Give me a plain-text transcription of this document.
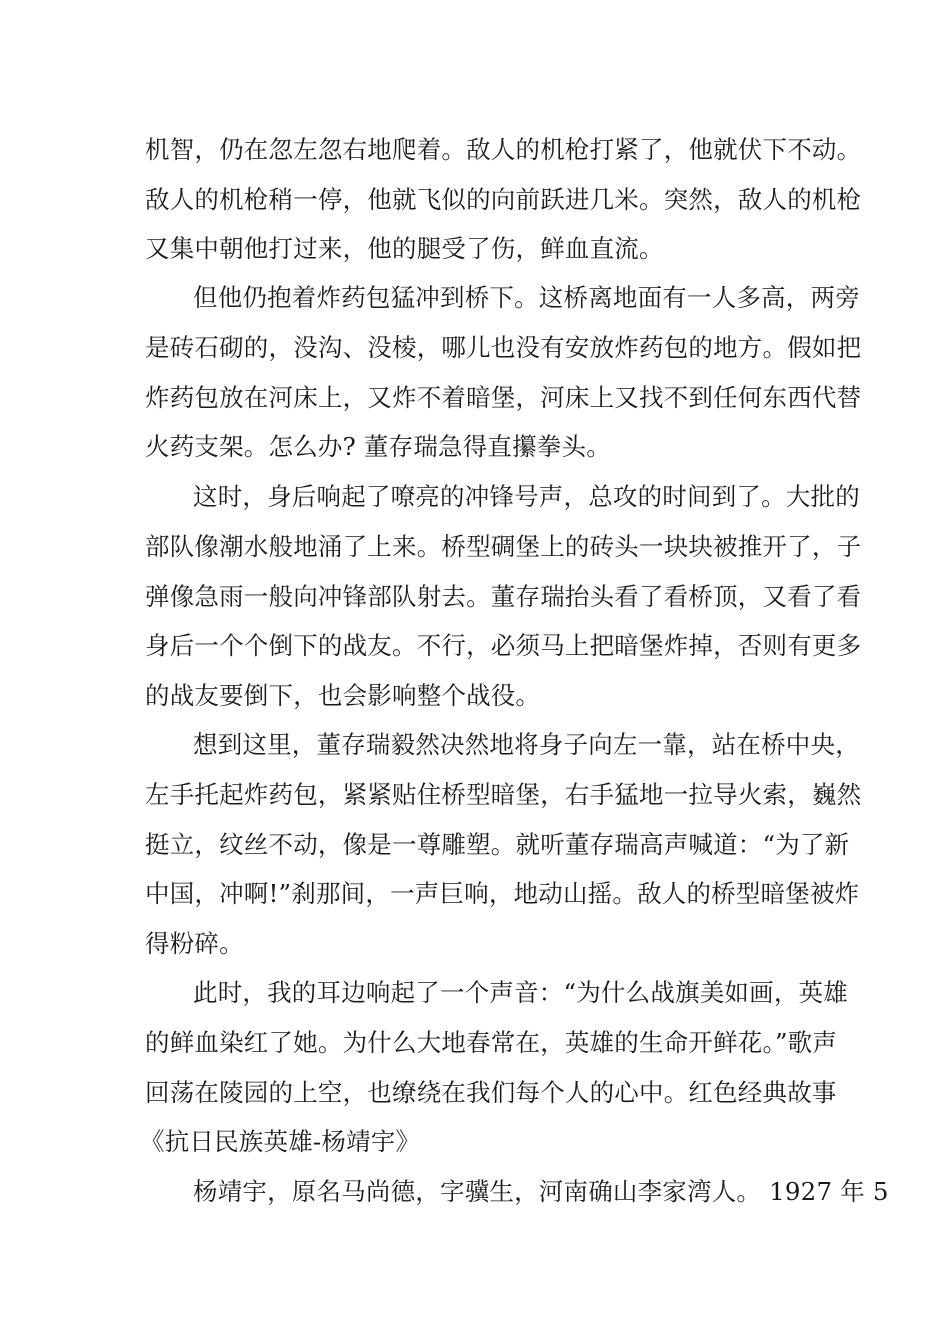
机智，仍在忽左忽右地爬着。敌人的机枪打紧了，他就伏下不动。
敌人的机枪稍一停，他就飞似的向前跃进几米。突然，敌人的机枪
又集中朝他打过来，他的腿受了伤，鲜血直流。
但他仍抱着炸药包猛冲到桥下。这桥离地面有一人多高，两旁
是砖石砌的，没沟、没棱，哪儿也没有安放炸药包的地方。假如把
炸药包放在河床上，又炸不着暗堡，河床上又找不到任何东西代替
火药支架。怎么办? 董存瑞急得直攥拳头。
这时，身后响起了嘹亮的冲锋号声，总攻的时间到了。大批的
部队像潮水般地涌了上来。桥型碉堡上的砖头一块块被推开了，子
弹像急雨一般向冲锋部队射去。董存瑞抬头看了看桥顶，又看了看
身后一个个倒下的战友。不行，必须马上把暗堡炸掉，否则有更多
的战友要倒下，也会影响整个战役。
想到这里，董存瑞毅然决然地将身子向左一靠，站在桥中央，
左手托起炸药包，紧紧贴住桥型暗堡，右手猛地一拉导火索，巍然
挺立，纹丝不动，像是一尊雕塑。就听董存瑞高声喊道：“为了新
中国，冲啊!”刹那间，一声巨响，地动山摇。敌人的桥型暗堡被炸
得粉碎。
此时，我的耳边响起了一个声音：“为什么战旗美如画，英雄
的鲜血染红了她。为什么大地春常在，英雄的生命开鲜花。”歌声
回荡在陵园的上空，也缭绕在我们每个人的心中。红色经典故事
《抗日民族英雄-杨靖宇》
杨靖宇，原名马尚德，字骥生，河南确山李家湾人。 1927 年 5
